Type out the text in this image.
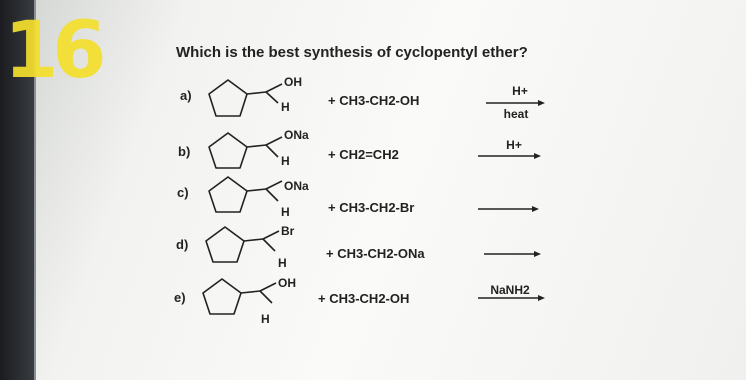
16	Which is the best synthesis of cyclopentyl ether?
a)
b)
c)
d)
e)
OH
H
ONa
H
ONa
H
Br
H
OH
H
+ CH3-CH2-OH
+ CH2=CH2
+ CH3-CH2-Br
+ CH3-CH2-ONa
+ CH3-CH2-OH
H+
heat
H+
NaNH2
